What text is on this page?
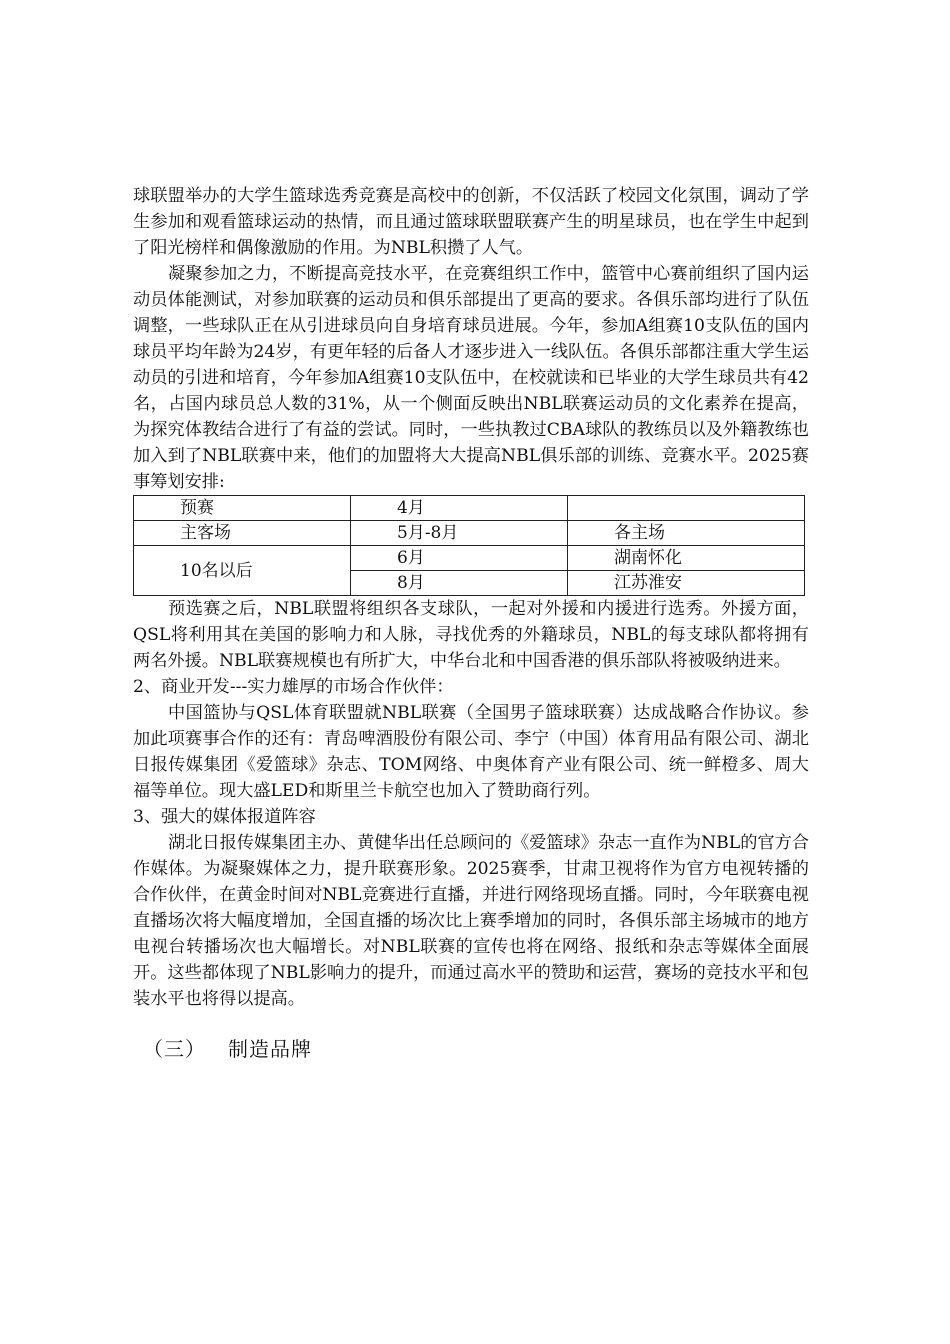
球联盟举办的大学生篮球选秀竞赛是高校中的创新，不仅活跃了校园文化氛围，调动了学生参加和观看篮球运动的热情，而且通过篮球联盟联赛产生的明星球员，也在学生中起到了阳光榜样和偶像激励的作用。为NBL积攒了人气。

凝聚参加之力，不断提高竞技水平，在竞赛组织工作中，篮管中心赛前组织了国内运动员体能测试，对参加联赛的运动员和俱乐部提出了更高的要求。各俱乐部均进行了队伍调整，一些球队正在从引进球员向自身培育球员进展。今年，参加A组赛10支队伍的国内球员平均年龄为24岁，有更年轻的后备人才逐步进入一线队伍。各俱乐部都注重大学生运动员的引进和培育，今年参加A组赛10支队伍中，在校就读和已毕业的大学生球员共有42 名，占国内球员总人数的31%，从一个侧面反映出NBL联赛运动员的文化素养在提高，为探究体教结合进行了有益的尝试。同时，一些执教过CBA球队的教练员以及外籍教练也加入到了NBL联赛中来，他们的加盟将大大提高NBL俱乐部的训练、竞赛水平。2025赛事筹划安排:

预赛	4月	
主客场	5月-8月	各主场
10名以后	6月	湖南怀化
	8月	江苏淮安

预选赛之后，NBL联盟将组织各支球队，一起对外援和内援进行选秀。外援方面，QSL将利用其在美国的影响力和人脉，寻找优秀的外籍球员，NBL的每支球队都将拥有两名外援。NBL联赛规模也有所扩大，中华台北和中国香港的俱乐部队将被吸纳进来。

2、商业开发---实力雄厚的市场合作伙伴：

中国篮协与QSL体育联盟就NBL联赛（全国男子篮球联赛）达成战略合作协议。参加此项赛事合作的还有：青岛啤酒股份有限公司、李宁（中国）体育用品有限公司、湖北日报传媒集团《爱篮球》杂志、TOM网络、中奥体育产业有限公司、统一鲜橙多、周大福等单位。现大盛LED和斯里兰卡航空也加入了赞助商行列。

3、强大的媒体报道阵容

湖北日报传媒集团主办、黄健华出任总顾问的《爱篮球》杂志一直作为NBL的官方合作媒体。为凝聚媒体之力，提升联赛形象。2025赛季，甘肃卫视将作为官方电视转播的合作伙伴，在黄金时间对NBL竞赛进行直播，并进行网络现场直播。同时，今年联赛电视直播场次将大幅度增加，全国直播的场次比上赛季增加的同时，各俱乐部主场城市的地方电视台转播场次也大幅增长。对NBL联赛的宣传也将在网络、报纸和杂志等媒体全面展开。这些都体现了NBL影响力的提升，而通过高水平的赞助和运营，赛场的竞技水平和包装水平也将得以提高。

（三） 制造品牌
